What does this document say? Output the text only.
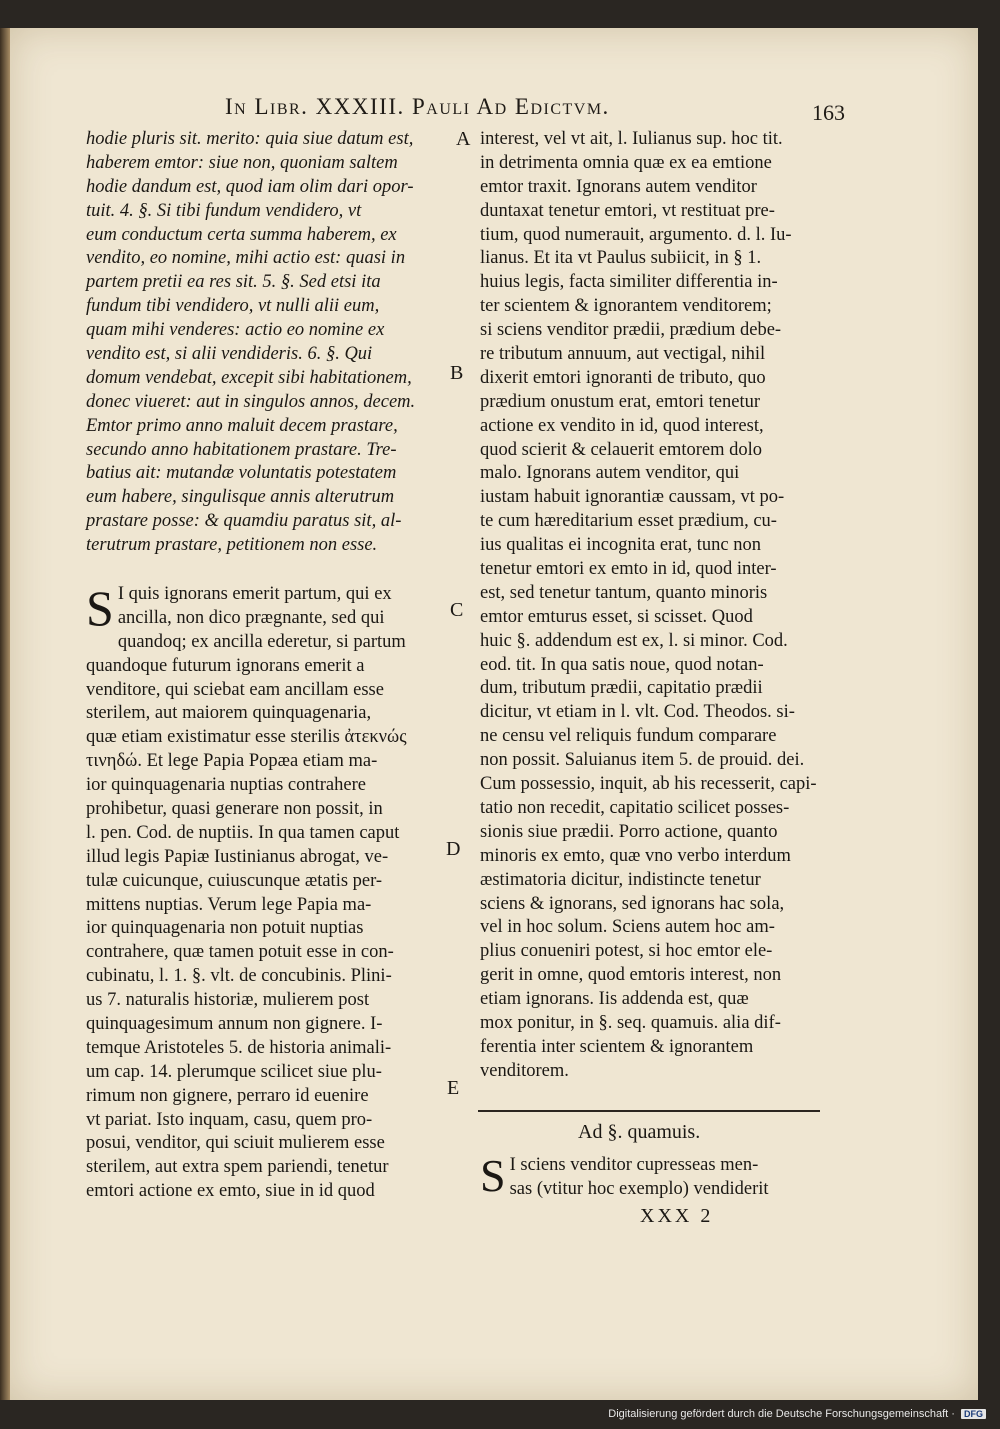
In Libr. XXXIII. Pauli Ad Edictvm.	163
hodie pluris sit. merito: quia siue datum est,
haberem emtor: siue non, quoniam saltem
hodie dandum est, quod iam olim dari opor-
tuit. 4. §. Si tibi fundum vendidero, vt
eum conductum certa summa haberem, ex
vendito, eo nomine, mihi actio est: quasi in
partem pretii ea res sit. 5. §. Sed etsi ita
fundum tibi vendidero, vt nulli alii eum,
quam mihi venderes: actio eo nomine ex
vendito est, si alii vendideris. 6. §. Qui
domum vendebat, excepit sibi habitationem,
donec viueret: aut in singulos annos, decem.
Emtor primo anno maluit decem prastare,
secundo anno habitationem prastare. Tre-
batius ait: mutandæ voluntatis potestatem
eum habere, singulisque annis alterutrum
prastare posse: & quamdiu paratus sit, al-
terutrum prastare, petitionem non esse.
S I quis ignorans emerit partum, qui ex
ancilla, non dico prægnante, sed qui
quandoq; ex ancilla ederetur, si partum
quandoque futurum ignorans emerit a
venditore, qui sciebat eam ancillam esse
sterilem, aut maiorem quinquagenaria,
quæ etiam existimatur esse sterilis ἀτεκνώς
τινηδώ. Et lege Papia Popæa etiam ma-
ior quinquagenaria nuptias contrahere
prohibetur, quasi generare non possit, in
l. pen. Cod. de nuptiis. In qua tamen caput
illud legis Papiæ Iustinianus abrogat, ve-
tulæ cuicunque, cuiuscunque ætatis per-
mittens nuptias. Verum lege Papia ma-
ior quinquagenaria non potuit nuptias
contrahere, quæ tamen potuit esse in con-
cubinatu, l. 1. §. vlt. de concubinis. Plini-
us 7. naturalis historiæ, mulierem post
quinquagesimum annum non gignere. I-
temque Aristoteles 5. de historia animali-
um cap. 14. plerumque scilicet siue plu-
rimum non gignere, perraro id euenire
vt pariat. Isto inquam, casu, quem pro-
posui, venditor, qui sciuit mulierem esse
sterilem, aut extra spem pariendi, tenetur
emtori actione ex emto, siue in id quod
interest, vel vt ait, l. Iulianus sup. hoc tit.
in detrimenta omnia quæ ex ea emtione
emtor traxit. Ignorans autem venditor
duntaxat tenetur emtori, vt restituat pre-
tium, quod numerauit, argumento. d. l. Iu-
lianus. Et ita vt Paulus subiicit, in § 1.
huius legis, facta similiter differentia in-
ter scientem & ignorantem venditorem;
si sciens venditor prædii, prædium debe-
re tributum annuum, aut vectigal, nihil
dixerit emtori ignoranti de tributo, quo
prædium onustum erat, emtori tenetur
actione ex vendito in id, quod interest,
quod scierit & celauerit emtorem dolo
malo. Ignorans autem venditor, qui
iustam habuit ignorantiæ caussam, vt po-
te cum hæreditarium esset prædium, cu-
ius qualitas ei incognita erat, tunc non
tenetur emtori ex emto in id, quod inter-
est, sed tenetur tantum, quanto minoris
emtor emturus esset, si scisset. Quod
huic §. addendum est ex, l. si minor. Cod.
eod. tit. In qua satis noue, quod notan-
dum, tributum prædii, capitatio prædii
dicitur, vt etiam in l. vlt. Cod. Theodos. si-
ne censu vel reliquis fundum comparare
non possit. Saluianus item 5. de prouid. dei.
Cum possessio, inquit, ab his recesserit, capi-
tatio non recedit, capitatio scilicet posses-
sionis siue prædii. Porro actione, quanto
minoris ex emto, quæ vno verbo interdum
æstimatoria dicitur, indistincte tenetur
sciens & ignorans, sed ignorans hac sola,
vel in hoc solum. Sciens autem hoc am-
plius conueniri potest, si hoc emtor ele-
gerit in omne, quod emtoris interest, non
etiam ignorans. Iis addenda est, quæ
mox ponitur, in §. seq. quamuis. alia dif-
ferentia inter scientem & ignorantem
venditorem.
A
B
C
D
E
Ad §. quamuis.
S I sciens venditor cupressеas men-
sas (vtitur hoc exemplo) vendiderit
XXX 2
Digitalisierung gefördert durch die Deutsche Forschungsgemeinschaft · DFG
